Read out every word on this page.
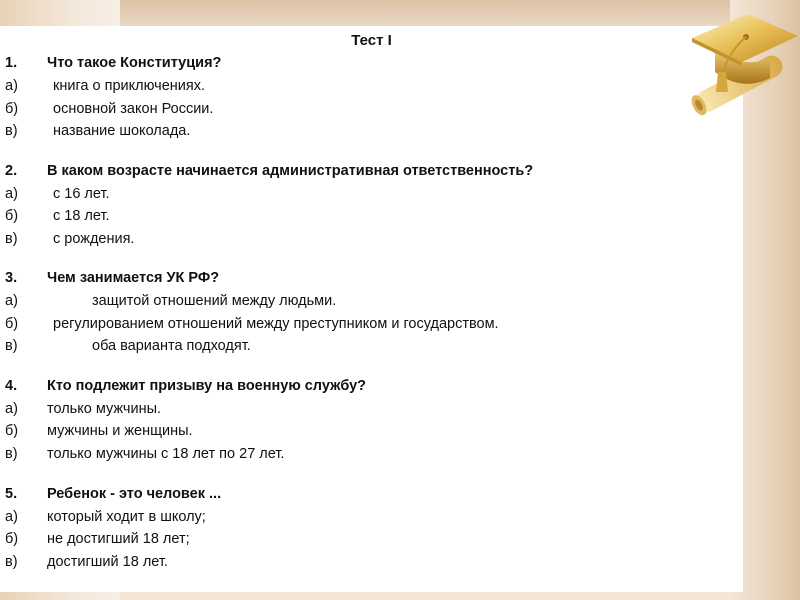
Тест I
1. Что такое Конституция?
а) книга о приключениях.
б) основной закон России.
в) название шоколада.
2. В каком возрасте начинается административная ответственность?
а) с 16 лет.
б) с 18 лет.
в) с рождения.
3. Чем занимается УК РФ?
а)	защитой отношений между людьми.
б) регулированием отношений между преступником и государством.
в)	оба варианта подходят.
4. Кто подлежит призыву на военную службу?
а) только мужчины.
б) мужчины и женщины.
в) только мужчины с 18 лет по 27 лет.
5. Ребенок - это человек ...
а) который ходит в школу;
б) не достигший 18 лет;
в) достигший 18 лет.
